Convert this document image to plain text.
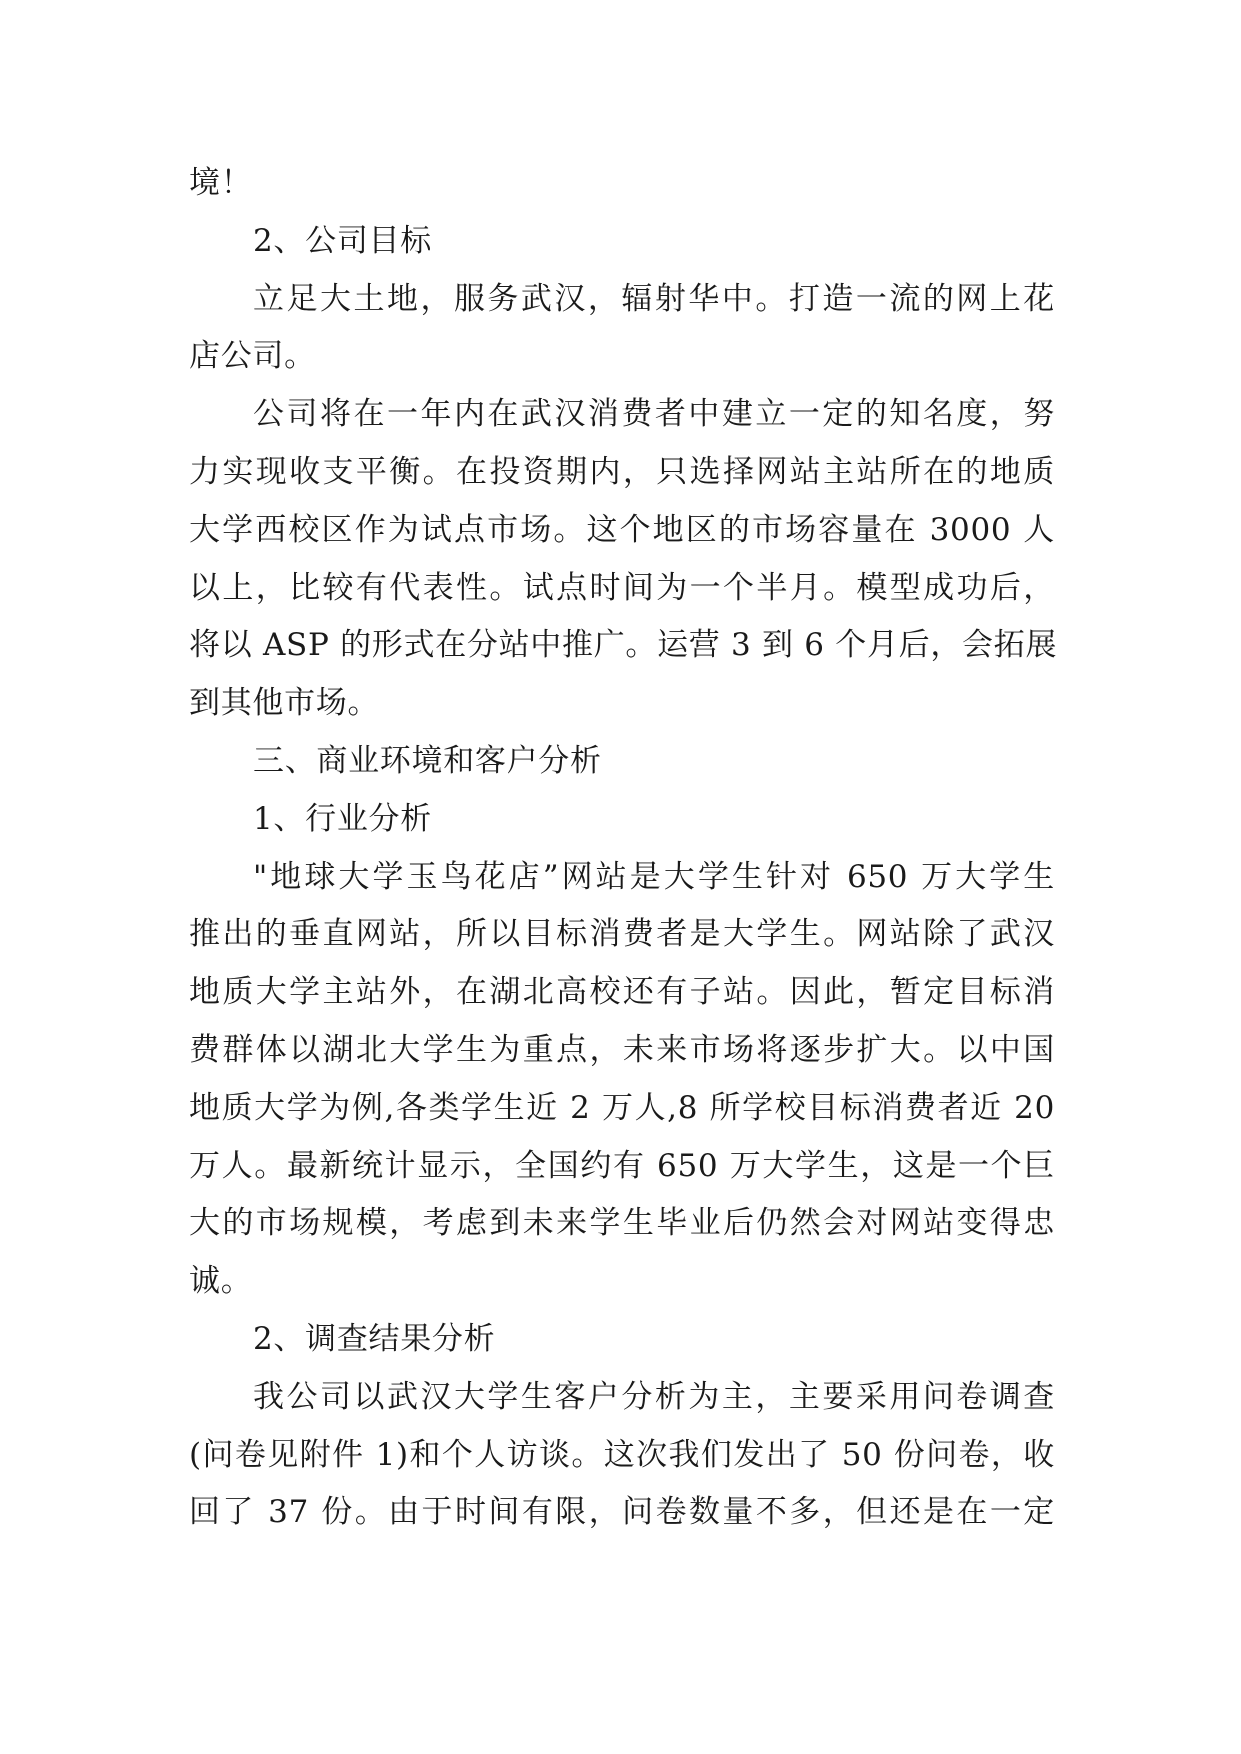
境！
2、公司目标
立足大土地，服务武汉，辐射华中。打造一流的网上花
店公司。
公司将在一年内在武汉消费者中建立一定的知名度，努
力实现收支平衡。在投资期内，只选择网站主站所在的地质
大学西校区作为试点市场。这个地区的市场容量在 3000 人
以上，比较有代表性。试点时间为一个半月。模型成功后，
将以 ASP 的形式在分站中推广。运营 3 到 6 个月后，会拓展
到其他市场。
三、商业环境和客户分析
1、行业分析
"地球大学玉鸟花店”网站是大学生针对 650 万大学生
推出的垂直网站，所以目标消费者是大学生。网站除了武汉
地质大学主站外，在湖北高校还有子站。因此，暂定目标消
费群体以湖北大学生为重点，未来市场将逐步扩大。以中国
地质大学为例,各类学生近 2 万人,8 所学校目标消费者近 20
万人。最新统计显示，全国约有 650 万大学生，这是一个巨
大的市场规模，考虑到未来学生毕业后仍然会对网站变得忠
诚。
2、调查结果分析
我公司以武汉大学生客户分析为主，主要采用问卷调查
(问卷见附件 1)和个人访谈。这次我们发出了 50 份问卷，收
回了 37 份。由于时间有限，问卷数量不多，但还是在一定
